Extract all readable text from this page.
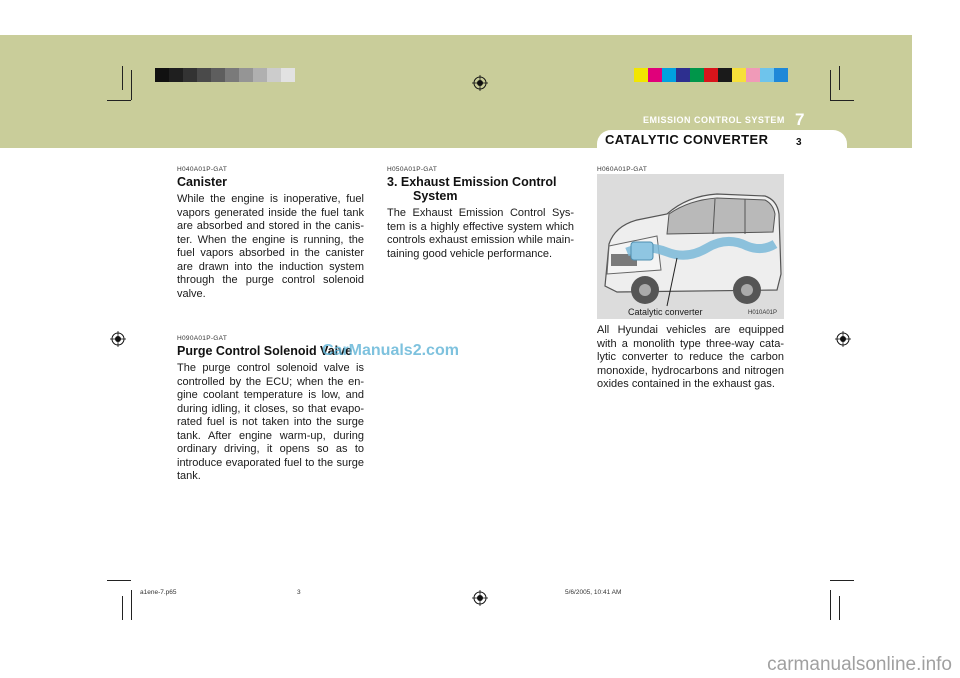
EMISSION CONTROL SYSTEM 7
CATALYTIC CONVERTER	3
H040A01P-GAT
Canister
While the engine is inoperative, fuel vapors generated inside the fuel tank are absorbed and stored in the canis-ter. When the engine is running, the fuel vapors absorbed in the canister are drawn into the induction system through the purge control solenoid valve.
H090A01P-GAT
Purge Control Solenoid Valve
The purge control solenoid valve is controlled by the ECU; when the en-gine coolant temperature is low, and during idling, it closes, so that evapo-rated fuel is not taken into the surge tank. After engine warm-up, during ordinary driving, it opens so as to introduce evaporated fuel to the surge tank.
H050A01P-GAT
3. Exhaust Emission Control
System
The Exhaust Emission Control Sys-tem is a highly effective system which controls exhaust emission while main-taining good vehicle performance.
H060A01P-GAT
Catalytic converter	H010A01P
All Hyundai vehicles are equipped with a monolith type three-way cata-lytic converter to reduce the carbon monoxide, hydrocarbons and nitrogen oxides contained in the exhaust gas.
CarManuals2.com
a1ene-7.p65	3	5/6/2005, 10:41 AM
carmanualsonline.info
